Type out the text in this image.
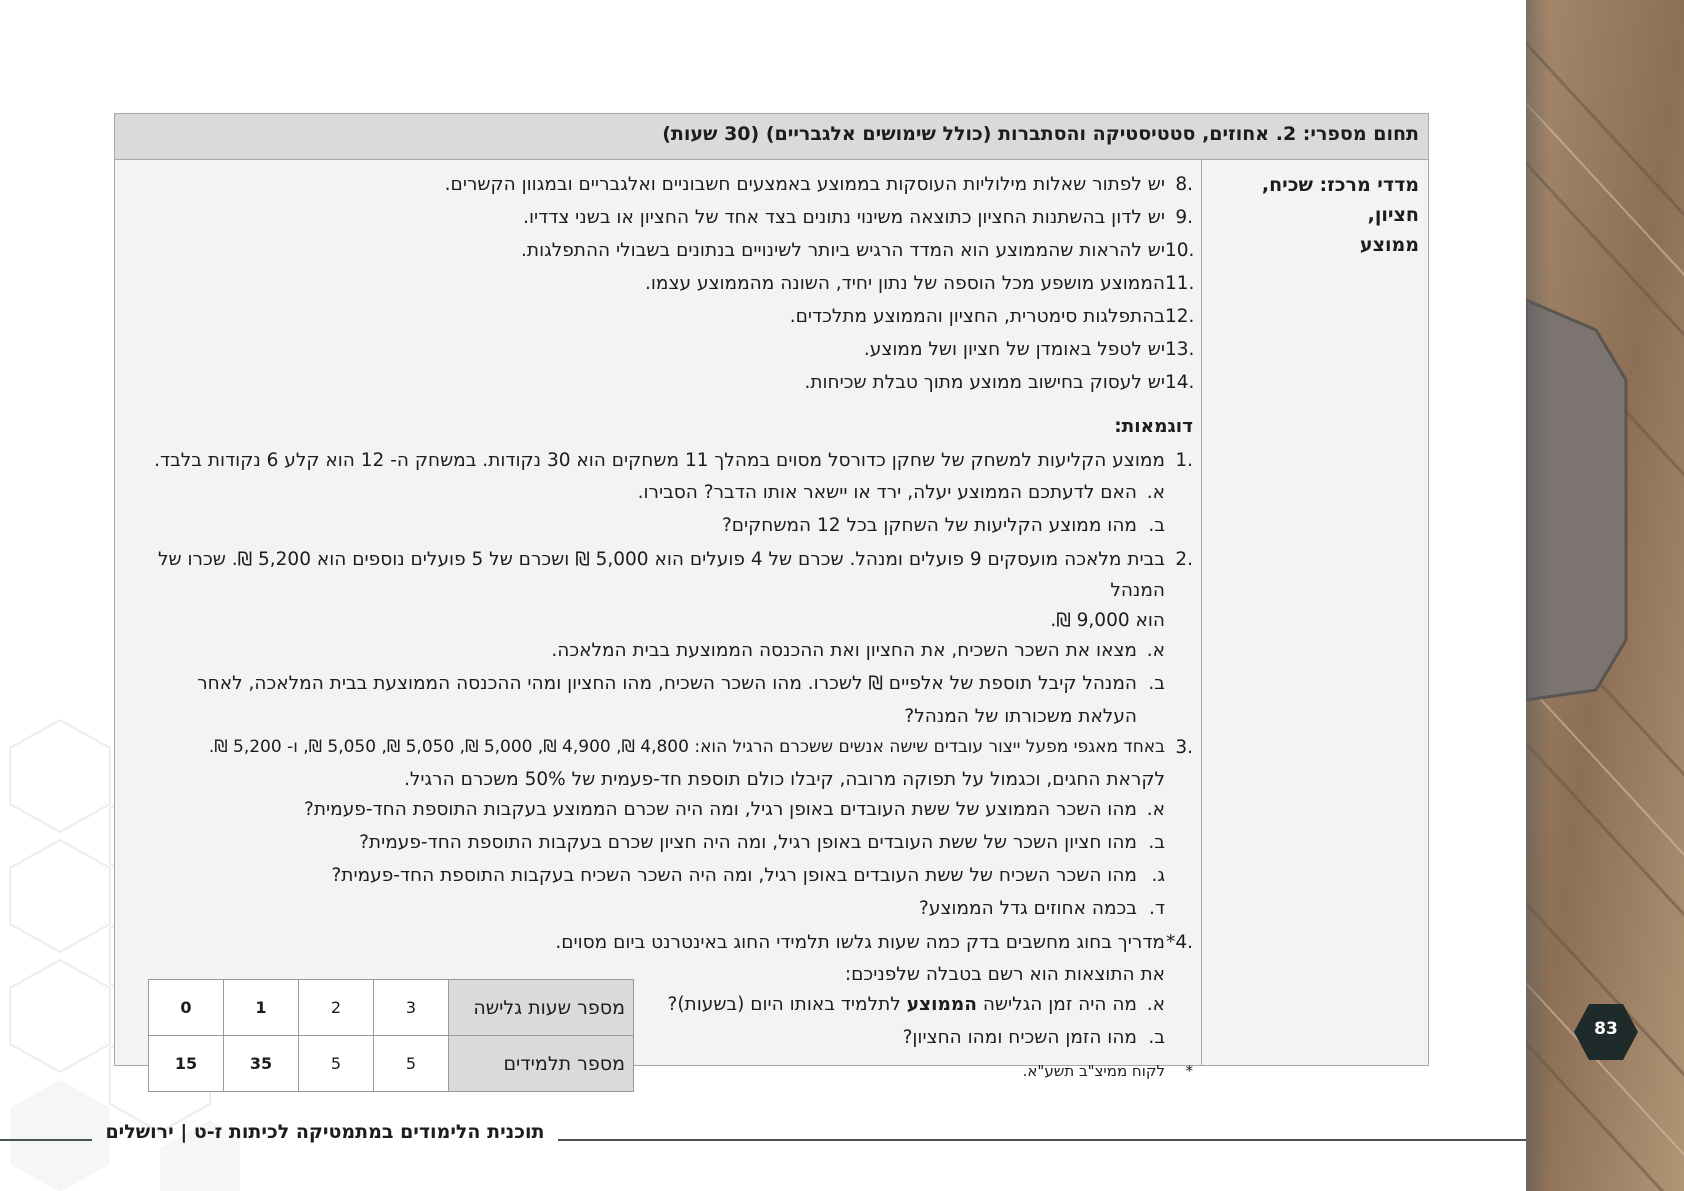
תחום מספרי: 2. אחוזים, סטטיסטיקה והסתברות (כולל שימושים אלגבריים) (30 שעות)
מדדי מרכז: שכיח, חציון,
ממוצע
8.
יש לפתור שאלות מילוליות העוסקות בממוצע באמצעים חשבוניים ואלגבריים ובמגוון הקשרים.
9.
יש לדון בהשתנות החציון כתוצאה משינוי נתונים בצד אחד של החציון או בשני צדדיו.
10.
יש להראות שהממוצע הוא המדד הרגיש ביותר לשינויים בנתונים בשבולי ההתפלגות.
11.
הממוצע מושפע מכל הוספה של נתון יחיד, השונה מהממוצע עצמו.
12.
בהתפלגות סימטרית, החציון והממוצע מתלכדים.
13.
יש לטפל באומדן של חציון ושל ממוצע.
14.
יש לעסוק בחישוב ממוצע מתוך טבלת שכיחות.
דוגמאות:
1.
ממוצע הקליעות למשחק של שחקן כדורסל מסוים במהלך 11 משחקים הוא 30 נקודות. במשחק ה- 12 הוא קלע 6 נקודות בלבד.
א.
האם לדעתכם הממוצע יעלה, ירד או יישאר אותו הדבר? הסבירו.
ב.
מהו ממוצע הקליעות של השחקן בכל 12 המשחקים?
2.
בבית מלאכה מועסקים 9 פועלים ומנהל. שכרם של 4 פועלים הוא 5,000 ₪ ושכרם של 5 פועלים נוספים הוא 5,200 ₪. שכרו של המנהל
הוא 9,000 ₪.
א.
מצאו את השכר השכיח, את החציון ואת ההכנסה הממוצעת בבית המלאכה.
ב.
המנהל קיבל תוספת של אלפיים ₪ לשכרו. מהו השכר השכיח, מהו החציון ומהי ההכנסה הממוצעת בבית המלאכה, לאחר
העלאת משכורתו של המנהל?
3.
באחד מאגפי מפעל ייצור עובדים שישה אנשים ששכרם הרגיל הוא: 4,800 ₪, 4,900 ₪, 5,000 ₪, 5,050 ₪, 5,050 ₪, ו- 5,200 ₪.
לקראת החגים, וכגמול על תפוקה מרובה, קיבלו כולם תוספת חד-פעמית של 50% משכרם הרגיל.
א.
מהו השכר הממוצע של ששת העובדים באופן רגיל, ומה היה שכרם הממוצע בעקבות התוספת החד-פעמית?
ב.
מהו חציון השכר של ששת העובדים באופן רגיל, ומה היה חציון שכרם בעקבות התוספת החד-פעמית?
ג.
מהו השכר השכיח של ששת העובדים באופן רגיל, ומה היה השכר השכיח בעקבות התוספת החד-פעמית?
ד.
בכמה אחוזים גדל הממוצע?
*4.
מדריך בחוג מחשבים בדק כמה שעות גלשו תלמידי החוג באינטרנט ביום מסוים.
את התוצאות הוא רשם בטבלה שלפניכם:
א.
מה היה זמן הגלישה הממוצע לתלמיד באותו היום (בשעות)?
ב.
מהו הזמן השכיח ומהו החציון?
*
לקוח ממיצ"ב תשע"א.
מספר שעות גלישה	3	2	1	0
מספר תלמידים	5	5	35	15
תוכנית הלימודים במתמטיקה לכיתות ז-ט | ירושלים
83
